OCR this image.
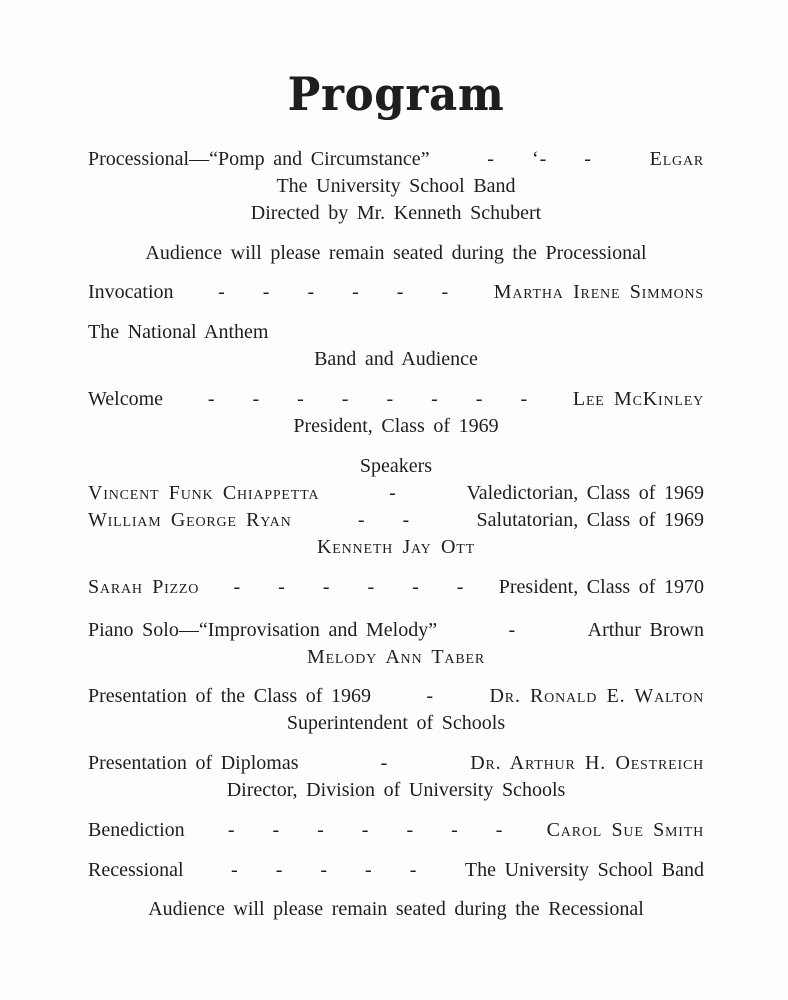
Program
Processional—“Pomp and Circumstance”	- ‘- -	Elgar
The University School Band
Directed by Mr. Kenneth Schubert
Audience will please remain seated during the Processional
Invocation	- - - - - -	Martha Irene Simmons
The National Anthem
Band and Audience
Welcome	- - - - - - - -	Lee McKinley
President, Class of 1969
Speakers
Vincent Funk Chiappetta	-	Valedictorian, Class of 1969
William George Ryan	- -	Salutatorian, Class of 1969
Kenneth Jay Ott
Sarah Pizzo	- - - - - -	President, Class of 1970
Piano Solo—“Improvisation and Melody”	-	Arthur Brown
Melody Ann Taber
Presentation of the Class of 1969	-	Dr. Ronald E. Walton
Superintendent of Schools
Presentation of Diplomas	-	Dr. Arthur H. Oestreich
Director, Division of University Schools
Benediction	- - - - - - -	Carol Sue Smith
Recessional	- - - - -	The University School Band
Audience will please remain seated during the Recessional
